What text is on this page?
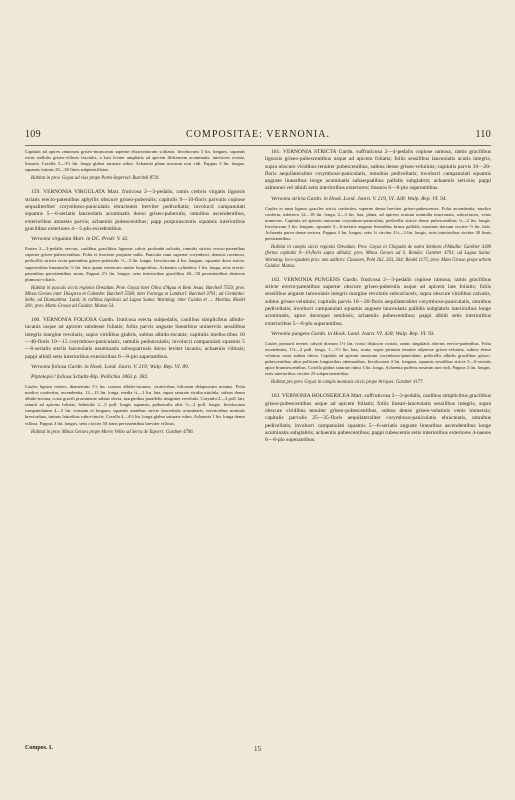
109	COMPOSITAE: VERNONIA.	110

Capitula ad apices ramorum griseo-incanorum superne ebracteatorum solitaria. Involucrum 3 lin. longum, squamis extus stellulis griseo-villosis fructulis, a basi leviter ampliatis ad apicem filiformem acuminatis; interiores ovatae, linearis, Corolla 3—3½ lin. longa glabra saturate rubra. Achaenia plane nostrum non vidi. Pappus 3 lin. longus, squamis intimis 25—30 fimis subpenicillatus.

Habitat in prov. Goyaz ad vias prope Porto-Imperial: Burchell 8731.

159. VERNONIA VIRGULATA Mart. fruticosa 2—3-pedalis, ramis crebris virgatis lignosis striatis erecto-patentibus aphyllis obscure griseo-puberulis; capitulis 9—10-floris parvulis copiose sequaliterliter corymboso-paniculatis ebracteatis breviter pedicellatis; involucri campanulati squamis 5—6-seriatis lanceolatis acuminatis dorso griseo-puberulis, omnibus ascendentibus, exterioribus amnesis parvis; achaeniis pubescentibus; papp purpurascentis squamis interioribus gracilibus exteriores 4—5-plo excedentibus.

Vernonia virgulata Mart. in DC. Prodr. V. 42.

Frutex 2—3-pedalis erectus, caulibus gracilibus lignosis calvis profunde sulcatis, ramulis strictis erecto-patentibus superne griseo-pubescentibus. Folia et bracteae propriae nulla. Panicula rami superne corymbosi, densius racemosi, pedicellis strictis recto-patentibus griseo-puberulis ½—3 lin. longis. Involucrum 4 lin. longum, squamis dorsi stricte, superioribus brunneolis ⅓ lin. latis quam exteriores multo longioribus. Achaenia cylindrica 1 lin. longa, setis erecto-patentibus persistentibus strata. Pappus 2½ lin. longus, setis interioribus gracilibus 40—50 persistentibus distincte plumoso-ciliatis.

Habitat in pascuis siccis regionis Oreadum. Prov. Goyaz inter Oliva d'Agua et Bom Jesus: Burchell 7559; prov. Minas Geraes inter Diaspera et Calembe: Burchell 5598; inter Formiga et Lambarí: Burchell 3791; ad Creminho: Selle; ad Diamantina: Lund; in collibus lapidosis ad Lagoa Santa: Warming; inter Cuiaba et ...: Martius, Riedel 381; prov. Matto Grosso ad Cuiaba: Manso 54.

160. VERNONIA FOLIOSA Gardn. fruticosa erecta subpedalis, caulibus simplicibus albido-incanis usque ad apicem subdense foliatis; foliis parvis anguste linearibus uninerviis sessilibus integris margine revolutis, supra viridibus glabris, subtus albido-incanis; capitulis mediocribus 10—40-floris 10—15 corymboso-paniculatis, ramulis pedunculatis; involucri campanulati squamis 5—6-seriatis steriis lanceolatis neuminatis subsquarrosis dorso leviter incanis; achaeniis villosis; pappi albidi setis interioribus exterioribus 6—8-plo superantibus.

Vernonia foliosa Gardn. in Hook. Lond. Journ. V. 219; Walp. Rep. VI. 89.

Piptolepis? foliosa Schultz-Bip. Pollichia 1863 p. 382.

Caules lignosi teretes, diametrum 1½ lin. crassus albido-incanus, cicatricibus foliorum delapsorum notatus. Folia modice confertim, ascendentia, 12—15 lin. longa, media ¼—1 lin. lata, supra saturate viridia nitidula, subtus dense albido-incana, costa gracili prominente subtus obvia, marginibus parallelis insigniter revolutis. Corymbi 2—3 poll. lati, ramuli ad apicem foliatis, hebetulis 2—5 poll. longis squamis; pedunculis aliis ½—2 poll. longis. Involucrum campanulatum 4—5 lin. crassum et longum, squamis omnibus stricte lanceolatis acuminatis, exterioribus minimis brevioribus, intimis latioribus rubro-tinctis. Corolla 4—4½ lin. longa glabra saturate rubra. Achaenia 1 lin. longa dense villosa. Pappus 3 lin. longus, setis circiter 50 fratis persistentibus breviter villosis.

Habitat in prov. Minas Geraes prope Morro Velho ad Serra de Taporri: Gardner 4796.

161. VERNONIA STRICTA Gardn. suffruticosa 2—4-pedalis copiose ramosa, ramis gracilibus lignosis griseo-pubescentibus usque ad apicem foliatis; foliis sessilibus lanceolatis acutis integris, supra obscure viridibus tenuiter pubescentibus, subtus dense griseo-velutinis; capitulis parvis 10—20-floris aequilateraliter corymboso-paniculatis, omnibus pedicellatis; involucri campanulati squamis anguste linearibus longe acuminatis subaequalibus pallidis subglabris; achaeniis sericeis; pappi salmonei vel albidi setis interioribus exteriores; linearis 6—8-plo superantibus.

Vernonia stricta Gardn. in Hook. Lond. Journ. V. 219, VI. 428; Walp. Rep. VI. 94.

Caules et rami lignosi graciles stricti confertim, superne dense breviter griseo-pubescentes. Folia ascendentia, modice conferta, inferiora 12—18 lin. longa, 2—3 lin. lata, plana, ad apicem acutum nonnulla mucronata, subcoriacea, venis immersis. Capitula ad apicem ramorum corymboso-paniculata, pedicellis stricte dense pubescentibus ½—2 lin. longis. Involucrum 3 lin. longum, squamis 5—6-seriatis anguste linearibus firmis pallidis, maximis dorsum circiter ½ lin. latis. Achaenia parva dense sericea. Pappus 3 lin. longus; setis ¾ circiter 2½—3 lin. longis, setis interioribus circiter 30 fimis persistentibus.

Habitat in campis siccis regionis Oreadum. Prov. Goyaz in Chapada de outra Senhora d'Abadia: Gardner 4180 (forma capitulis 9—10-floris supra albida); prov. Minas Geraes ad S. Romão: Gardner 4791; ad Lagoa Santa: Warming; loco ejusdem prov. non addicto: Claussen, Pohl 262, 263, 264; Riedel 1175; prov. Mato Grosso prope urbem Cuiaba: Manso.

162. VERNONIA PUNGENS Gardn. fruticosa 2—3-pedalis copiose ramosa, ramis gracilibus stricte erecto-patentibus superne obscure griseo-puberulis usque ad apicem late foliatis; foliis sessilibus anguste lanceolatis integris margine revolutis subcoriaceis, supra obscure viridibus calvatis, subtus griseo-velutinis; capitulis parvis 10—20-floris aequilateraliter corymboso-paniculatis, omnibus pedicellatis; involucri campanulati squamis anguste lanceolatis pallidis subglabris interioribus longe acuminatis, apice dorsoque setulosis; achaeniis pubescentibus; pappi albidi setis interioribus exterioribus 5—6-plo superantibus.

Vernonia pungens Gardn. in Hook. Lond. Journ. VI. 428; Walp. Rep. VI. 93.

Caules primarii teretes calvati dorsum 1½ lin. crassi distincte costati, ramis singulatis alternis erecto-patentibus. Folia ascendentia, 1½—2 poll. longa, 1—1½ lin. lata, acuta, supra primum tenuiter adpresse griseo-velutina, subtus dense velutina costa subtus obvia. Capitula ad apicem ramorum corymboso-paniculata, pedicellis albidis gracilibus griseo-pubescentibus ultra pollicem longioribus attenuatibus. Involucrum 4 lin. longum, squamis sessilibus stricte 5—6-seriatis apice brunnescentibus. Corolla glabra saturate rubra 3 lin. longa. Achaenia pufferu nostrum non vidi. Pappus 3 lin. longus, setis interioribus circiter 25 subpersistentibus.

Habitat pro prov. Goyaz in campis montosis siccis prope Arrayas: Gardner 4177.

163. VERNONIA HOLOSERICEA Mart. suffruticosa 2—3-pedalis, caulibus simplicibus gracilibus griseo-pubescentibus usque ad apicem foliatis; foliis lineari-lanceolatis sessilibus integris, supra obscure viridibus tenuiter griseo-pubescentibus, subtus dense griseo-velutinis venis immersis; capitulis parvulis 25—35-floris aequilateraliter corymboso-paniculatis ebracteatis, omnibus pedicellatis; involucri campanulati squamis 5—6-seriatis anguste linearibus ascendentibus longe acuminatis subglabris; achaeniis pubescentibus; pappi rubescentis setis interioribus exteriores 4-naeres 6—8-plo superantibus.

Compos. I.	15
